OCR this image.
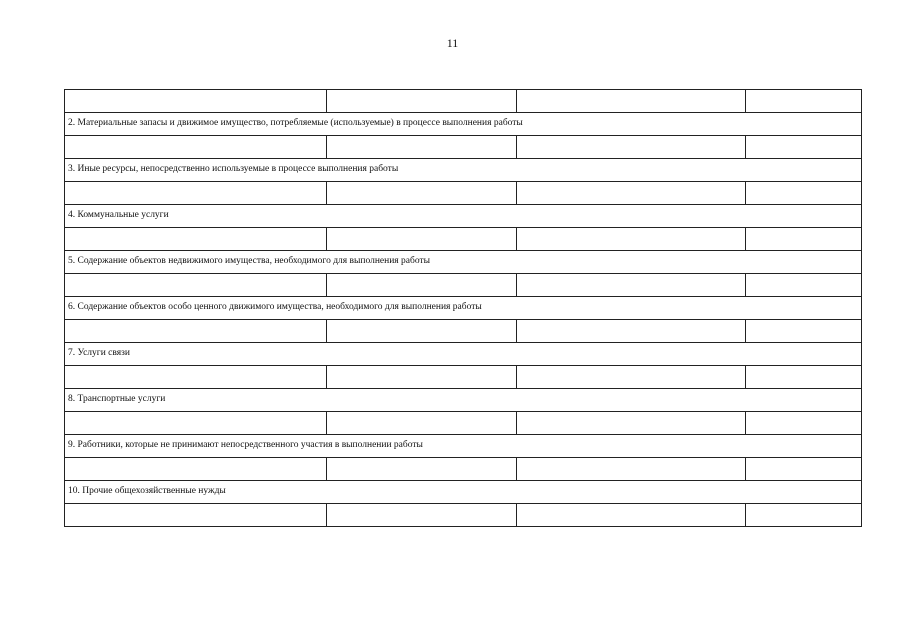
11

2. Материальные запасы и движимое имущество, потребляемые (используемые) в процессе выполнения работы			

3. Иные ресурсы, непосредственно используемые в процессе выполнения работы			

4. Коммунальные услуги			

5. Содержание объектов недвижимого имущества, необходимого для выполнения работы			

6. Содержание объектов особо ценного движимого имущества, необходимого для выполнения работы			

7. Услуги связи			

8. Транспортные услуги			

9. Работники, которые не принимают непосредственного участия в выполнении работы			

10. Прочие общехозяйственные нужды			
